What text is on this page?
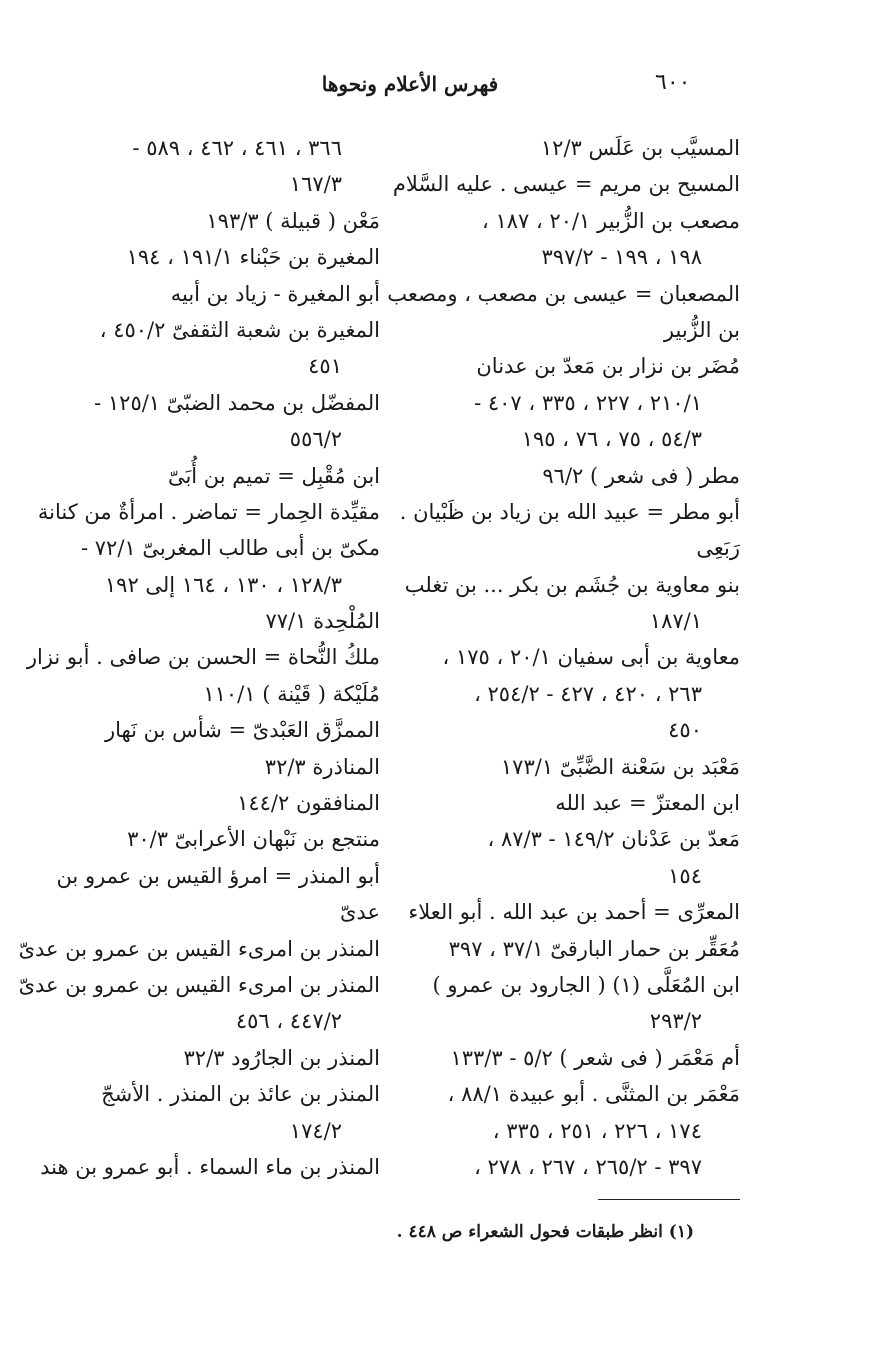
٦٠٠
فهرس الأعلام ونحوها
المسيَّب بن عَلَس ١٢/٣
المسيح بن مريم = عيسى . عليه السَّلام
مصعب بن الزُّبير ٢٠/١ ، ١٨٧ ،
١٩٨ ، ١٩٩ - ٣٩٧/٢
المصعبان = عيسى بن مصعب ، ومصعب
بن الزُّبير
مُضَر بن نزار بن مَعدّ بن عدنان
٢١٠/١ ، ٢٢٧ ، ٣٣٥ ، ٤٠٧ -
٥٤/٣ ، ٧٥ ، ٧٦ ، ١٩٥
مطر ( فى شعر ) ٩٦/٢
أبو مطر = عبيد الله بن زياد بن ظَبْيان .
رَبَعِى
بنو معاوية بن جُشَم بن بكر ... بن تغلب
١٨٧/١
معاوية بن أبى سفيان ٢٠/١ ، ١٧٥ ،
٢٦٣ ، ٤٢٠ ، ٤٢٧ - ٢٥٤/٢ ،
٤٥٠
مَعْبَد بن سَعْنة الضَّبِّىّ ١٧٣/١
ابن المعتزّ = عبد الله
مَعدّ بن عَدْنان ١٤٩/٢ - ٨٧/٣ ،
١٥٤
المعرِّى = أحمد بن عبد الله . أبو العلاء
مُعَقِّر بن حمار البارقىّ ٣٧/١ ، ٣٩٧
ابن المُعَلَّى (١) ( الجارود بن عمرو )
٢٩٣/٢
أم مَعْمَر ( فى شعر ) ٥/٢ - ١٣٣/٣
مَعْمَر بن المثنَّى . أبو عبيدة ٨٨/١ ،
١٧٤ ، ٢٢٦ ، ٢٥١ ، ٣٣٥ ،
٣٩٧ - ٢٦٥/٢ ، ٢٦٧ ، ٢٧٨ ،
٣٦٦ ، ٤٦١ ، ٤٦٢ ، ٥٨٩ -
١٦٧/٣
مَعْن ( قبيلة ) ١٩٣/٣
المغيرة بن حَبْناء ١٩١/١ ، ١٩٤
أبو المغيرة - زياد بن أبيه
المغيرة بن شعبة الثقفىّ ٤٥٠/٢ ،
٤٥١
المفضّل بن محمد الضبّىّ ١٢٥/١ -
٥٥٦/٢
ابن مُقْبِل = تميم بن أُبَىّ
مقيِّدة الحِمار = تماضر . امرأةٌ من كنانة
مكىّ بن أبى طالب المغربىّ ٧٢/١ -
١٢٨/٣ ، ١٣٠ ، ١٦٤ إلى ١٩٢
المُلْحِدة ٧٧/١
ملكُ النُّحاة = الحسن بن صافى . أبو نزار
مُلَيْكة ( قَيْنة ) ١١٠/١
الممزَّق العَبْدىّ = شأس بن نَهار
المناذرة ٣٢/٣
المنافقون ١٤٤/٢
منتجع بن نَبْهان الأعرابىّ ٣٠/٣
أبو المنذر = امرؤ القيس بن عمرو بن
عدىّ
المنذر بن امرىء القيس بن عمرو بن عدىّ
المنذر بن امرىء القيس بن عمرو بن عدىّ
٤٤٧/٢ ، ٤٥٦
المنذر بن الجارُود ٣٢/٣
المنذر بن عائذ بن المنذر . الأشجّ
١٧٤/٢
المنذر بن ماء السماء . أبو عمرو بن هند
(١) انظر طبقات فحول الشعراء ص ٤٤٨ .
